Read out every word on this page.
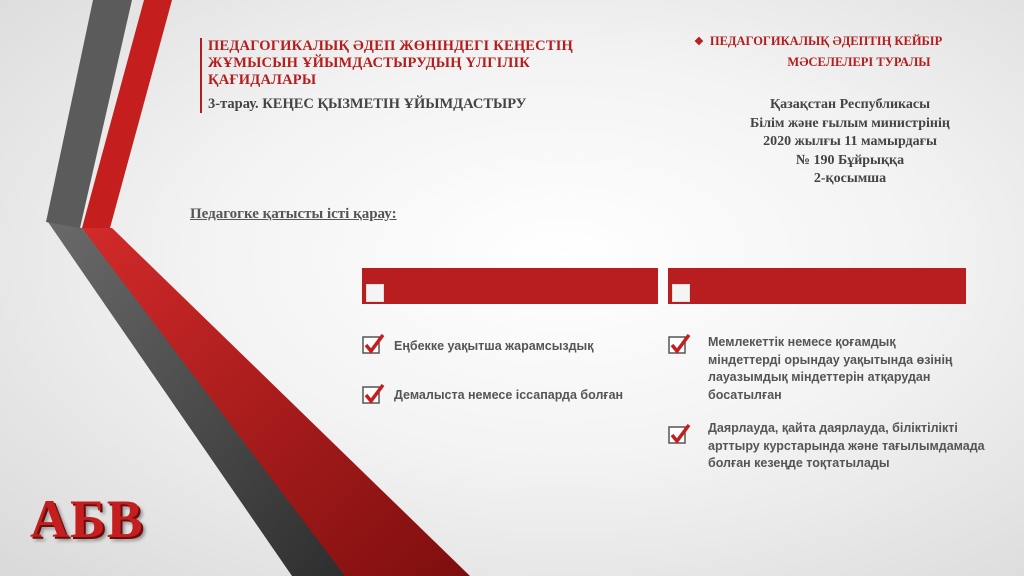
ПЕДАГОГИКАЛЫҚ ӘДЕП ЖӨНІНДЕГІ КЕҢЕСТІҢ ЖҰМЫСЫН ҰЙЫМДАСТЫРУДЫҢ ҮЛГІЛІК ҚАҒИДАЛАРЫ
3-тарау. КЕҢЕС ҚЫЗМЕТІН ҰЙЫМДАСТЫРУ
❖ ПЕДАГОГИКАЛЫҚ ӘДЕПТІҢ КЕЙБІР
МӘСЕЛЕЛЕРІ ТУРАЛЫ
Қазақстан Республикасы
Білім және ғылым министрінің
2020 жылғы 11 мамырдағы
№ 190 Бұйрыққа
2-қосымша
Педагогке қатысты істі қарау:
Еңбекке уақытша жарамсыздық
Демалыста немесе іссапарда болған
Мемлекеттік немесе қоғамдық міндеттерді орындау уақытында өзінің лауазымдық міндеттерін атқарудан босатылған
Даярлауда, қайта даярлауда, біліктілікті арттыру курстарында және тағылымдамада болған кезеңде тоқтатылады
АБВ
